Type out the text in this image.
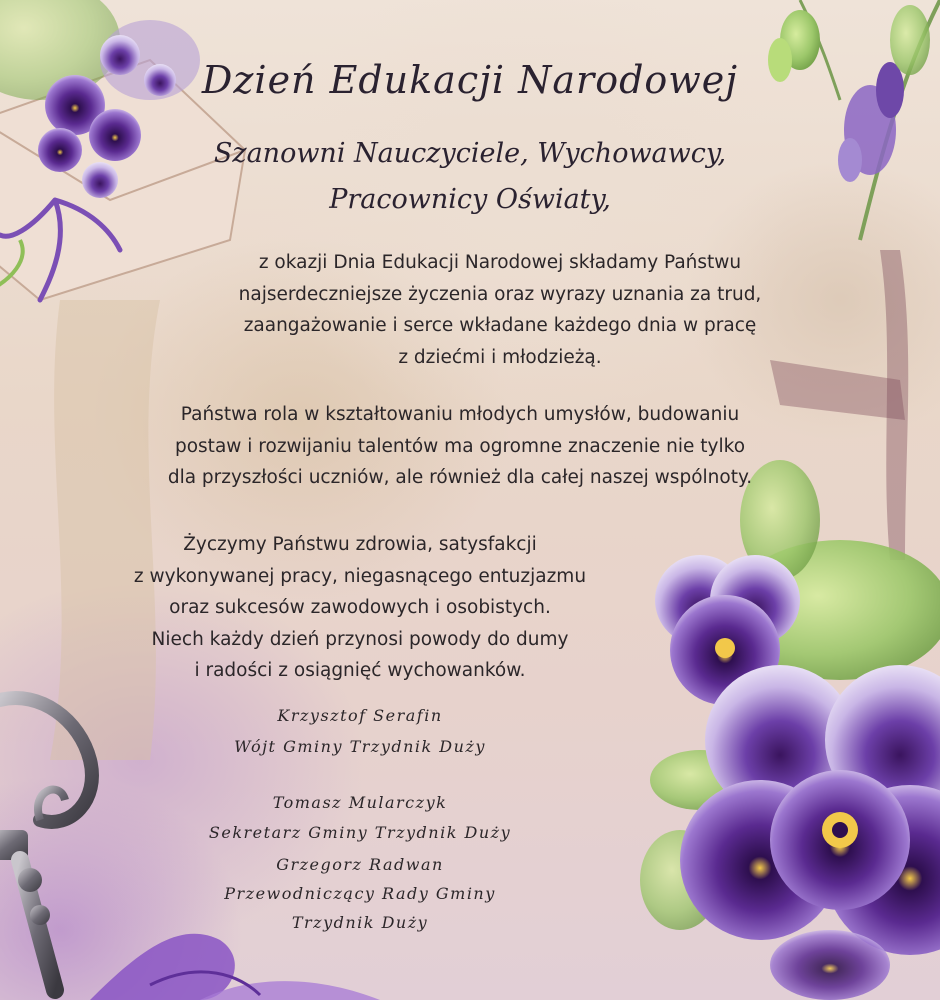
Dzień Edukacji Narodowej
Szanowni Nauczyciele, Wychowawcy,
Pracownicy Oświaty,

z okazji Dnia Edukacji Narodowej składamy Państwu
najserdeczniejsze życzenia oraz wyrazy uznania za trud,
zaangażowanie i serce wkładane każdego dnia w pracę
z dziećmi i młodzieżą.

Państwa rola w kształtowaniu młodych umysłów, budowaniu
postaw i rozwijaniu talentów ma ogromne znaczenie nie tylko
dla przyszłości uczniów, ale również dla całej naszej wspólnoty.

Życzymy Państwu zdrowia, satysfakcji
z wykonywanej pracy, niegasnącego entuzjazmu
oraz sukcesów zawodowych i osobistych.
Niech każdy dzień przynosi powody do dumy
i radości z osiągnięć wychowanków.

Krzysztof Serafin
Wójt Gminy Trzydnik Duży

Tomasz Mularczyk
Sekretarz Gminy Trzydnik Duży

Grzegorz Radwan
Przewodniczący Rady Gminy
Trzydnik Duży
